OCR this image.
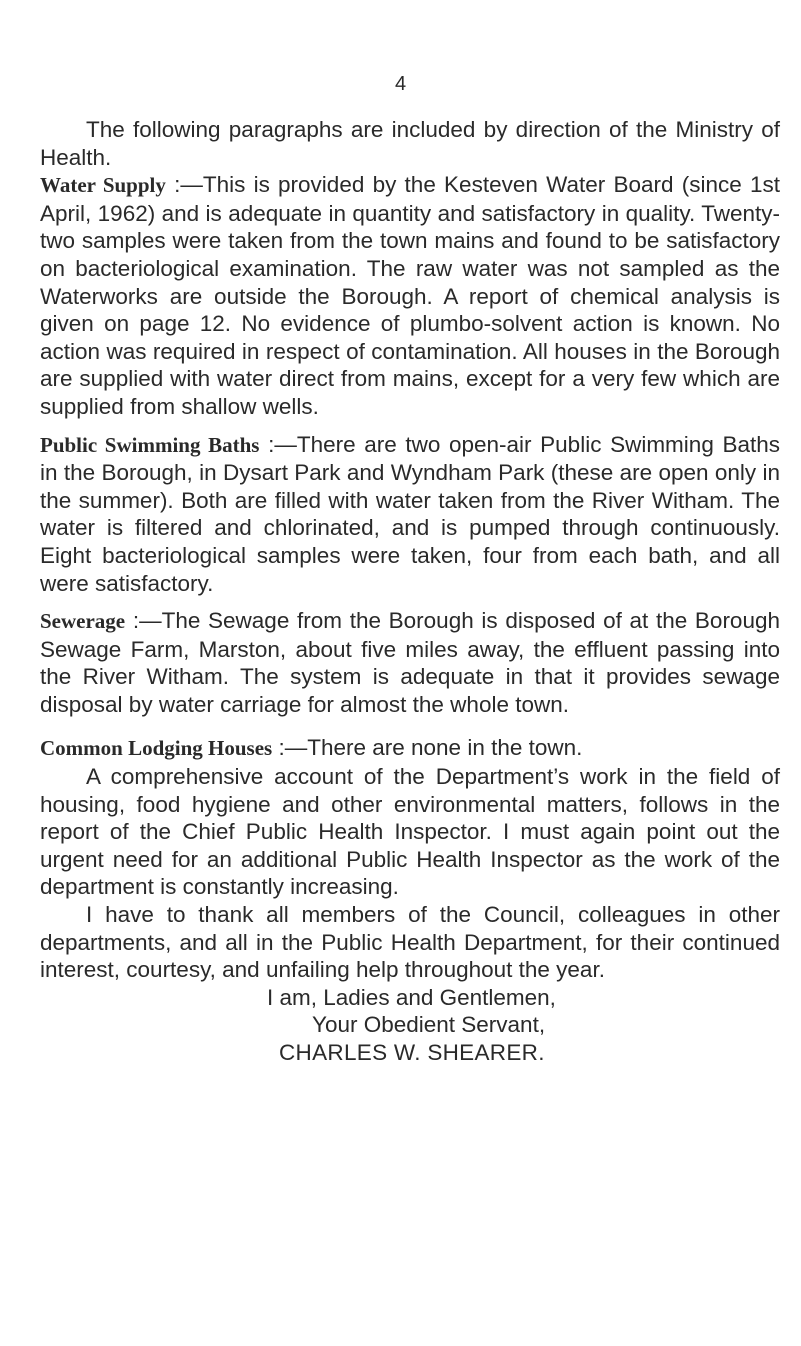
4

The following paragraphs are included by direction of the Ministry of Health.

Water Supply :—This is provided by the Kesteven Water Board (since 1st April, 1962) and is adequate in quantity and satisfactory in quality. Twenty-two samples were taken from the town mains and found to be satisfactory on bacteriological examination. The raw water was not sampled as the Waterworks are outside the Borough. A report of chemical analysis is given on page 12. No evidence of plumbo-solvent action is known. No action was required in respect of contamination. All houses in the Borough are supplied with water direct from mains, except for a very few which are supplied from shallow wells.

Public Swimming Baths :—There are two open-air Public Swimming Baths in the Borough, in Dysart Park and Wyndham Park (these are open only in the summer). Both are filled with water taken from the River Witham. The water is filtered and chlorinated, and is pumped through continuously. Eight bacteriological samples were taken, four from each bath, and all were satisfactory.

Sewerage :—The Sewage from the Borough is disposed of at the Borough Sewage Farm, Marston, about five miles away, the effluent passing into the River Witham. The system is adequate in that it provides sewage disposal by water carriage for almost the whole town.

Common Lodging Houses :—There are none in the town.

A comprehensive account of the Department’s work in the field of housing, food hygiene and other environmental matters, follows in the report of the Chief Public Health Inspector. I must again point out the urgent need for an additional Public Health Inspector as the work of the department is constantly increasing.

I have to thank all members of the Council, colleagues in other departments, and all in the Public Health Department, for their continued interest, courtesy, and unfailing help throughout the year.

I am, Ladies and Gentlemen,

Your Obedient Servant,

CHARLES W. SHEARER.
